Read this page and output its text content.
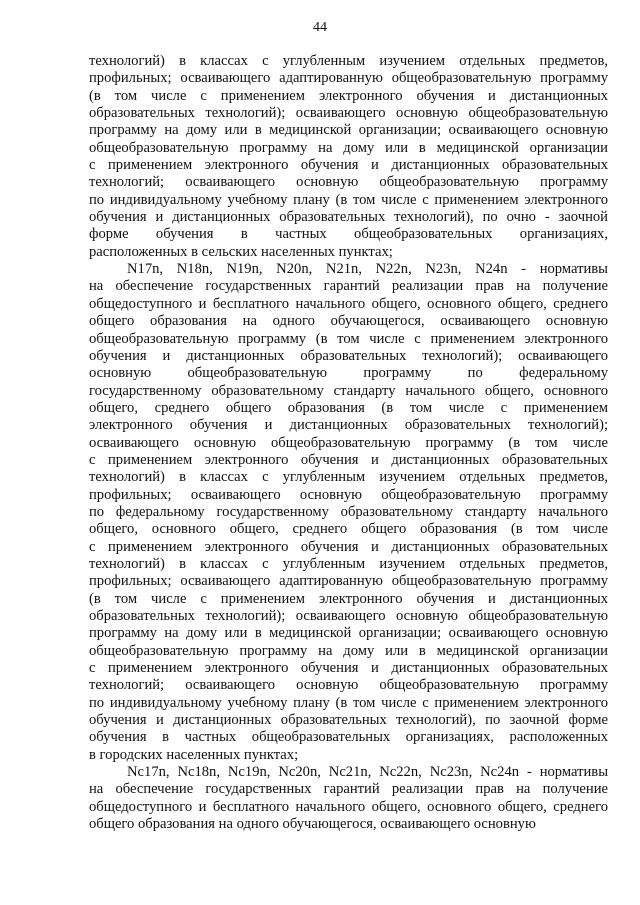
44
технологий) в классах с углубленным изучением отдельных предметов,
профильных; осваивающего адаптированную общеобразовательную программу
(в том числе с применением электронного обучения и дистанционных
образовательных технологий); осваивающего основную общеобразовательную
программу на дому или в медицинской организации; осваивающего основную
общеобразовательную программу на дому или в медицинской организации
с применением электронного обучения и дистанционных образовательных
технологий; осваивающего основную общеобразовательную программу
по индивидуальному учебному плану (в том числе с применением электронного
обучения и дистанционных образовательных технологий), по очно - заочной
форме обучения в частных общеобразовательных организациях,
расположенных в сельских населенных пунктах;
N17n, N18n, N19n, N20n, N21n, N22n, N23n, N24n - нормативы
на обеспечение государственных гарантий реализации прав на получение
общедоступного и бесплатного начального общего, основного общего, среднего
общего образования на одного обучающегося, осваивающего основную
общеобразовательную программу (в том числе с применением электронного
обучения и дистанционных образовательных технологий); осваивающего
основную общеобразовательную программу по федеральному
государственному образовательному стандарту начального общего, основного
общего, среднего общего образования (в том числе с применением
электронного обучения и дистанционных образовательных технологий);
осваивающего основную общеобразовательную программу (в том числе
с применением электронного обучения и дистанционных образовательных
технологий) в классах с углубленным изучением отдельных предметов,
профильных; осваивающего основную общеобразовательную программу
по федеральному государственному образовательному стандарту начального
общего, основного общего, среднего общего образования (в том числе
с применением электронного обучения и дистанционных образовательных
технологий) в классах с углубленным изучением отдельных предметов,
профильных; осваивающего адаптированную общеобразовательную программу
(в том числе с применением электронного обучения и дистанционных
образовательных технологий); осваивающего основную общеобразовательную
программу на дому или в медицинской организации; осваивающего основную
общеобразовательную программу на дому или в медицинской организации
с применением электронного обучения и дистанционных образовательных
технологий; осваивающего основную общеобразовательную программу
по индивидуальному учебному плану (в том числе с применением электронного
обучения и дистанционных образовательных технологий), по заочной форме
обучения в частных общеобразовательных организациях, расположенных
в городских населенных пунктах;
Nc17n, Nc18n, Nc19n, Nc20n, Nc21n, Nc22n, Nc23n, Nc24n - нормативы
на обеспечение государственных гарантий реализации прав на получение
общедоступного и бесплатного начального общего, основного общего, среднего
общего образования на одного обучающегося, осваивающего основную
